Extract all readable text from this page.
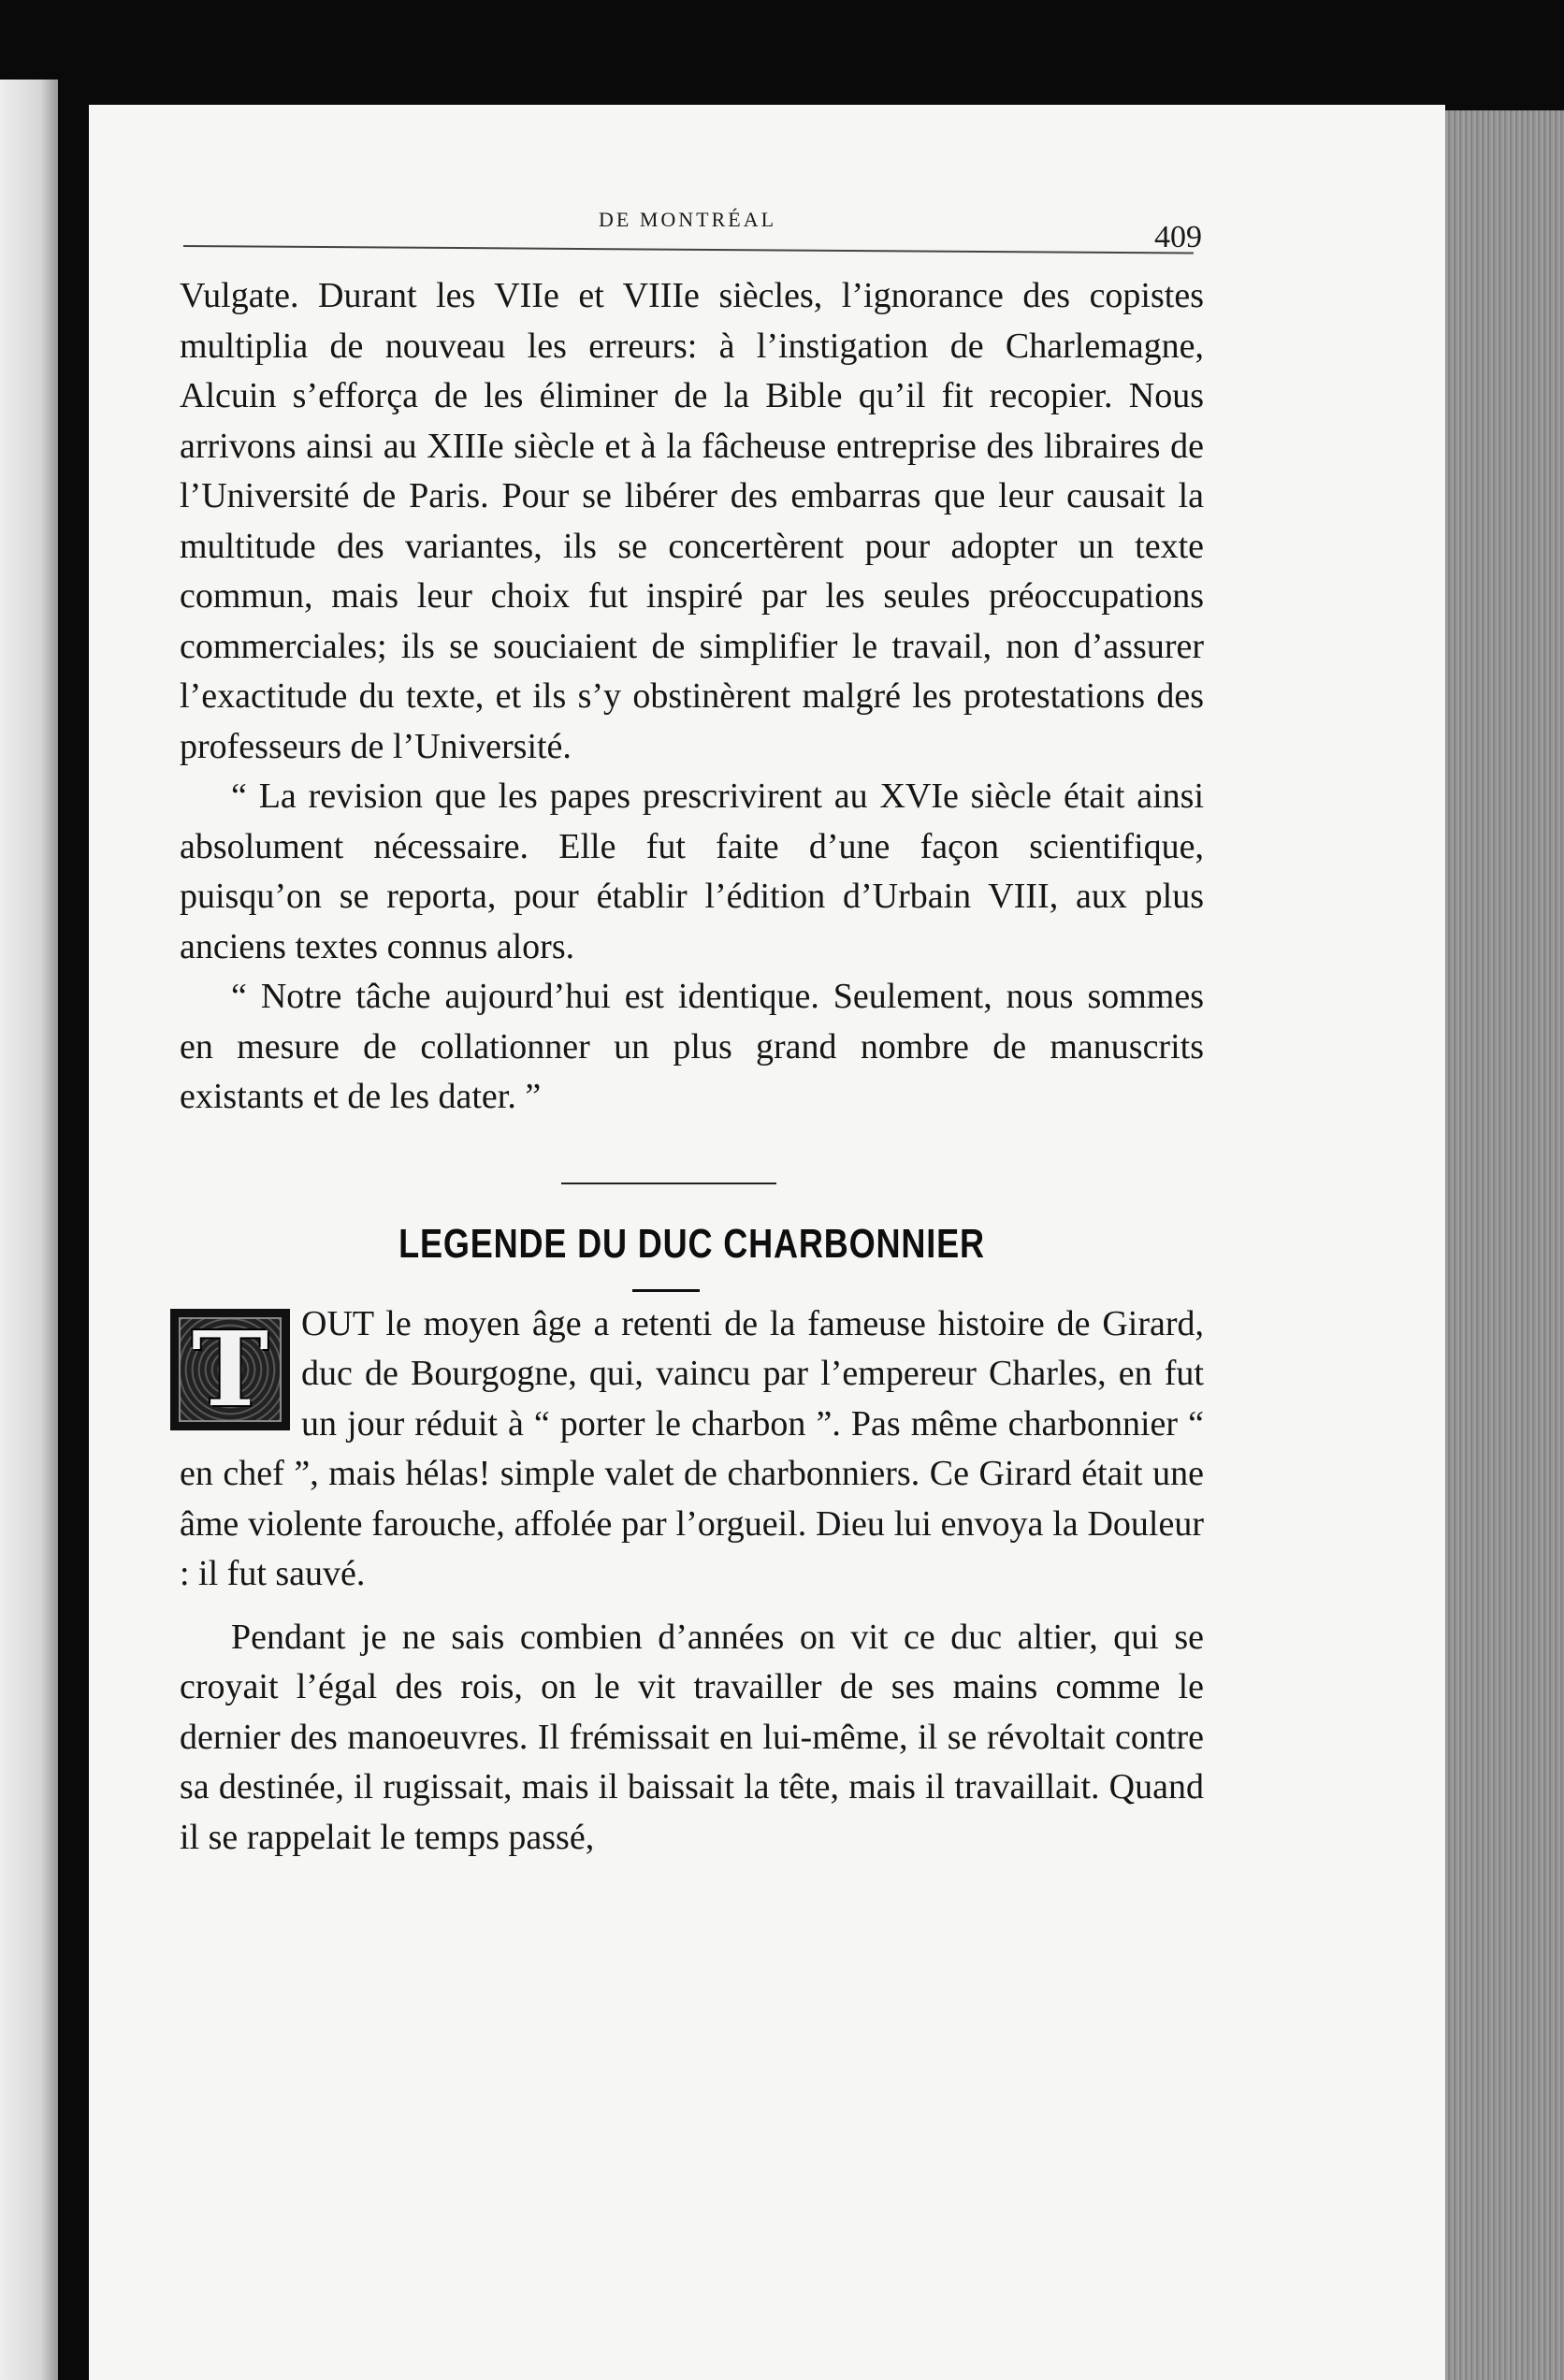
DE MONTRÉAL
409

Vulgate. Durant les VIIe et VIIIe siècles, l’ignorance des copistes multiplia de nouveau les erreurs: à l’instigation de Charlemagne, Alcuin s’efforça de les éliminer de la Bible qu’il fit recopier. Nous arrivons ainsi au XIIIe siècle et à la fâcheuse entreprise des libraires de l’Université de Paris. Pour se libérer des embarras que leur causait la multitude des variantes, ils se concertèrent pour adopter un texte commun, mais leur choix fut inspiré par les seules préoccupations commerciales; ils se souciaient de simplifier le travail, non d’assurer l’exactitude du texte, et ils s’y obstinèrent malgré les protestations des professeurs de l’Université.

“ La revision que les papes prescrivirent au XVIe siècle était ainsi absolument nécessaire. Elle fut faite d’une façon scientifique, puisqu’on se reporta, pour établir l’édition d’Urbain VIII, aux plus anciens textes connus alors.

“ Notre tâche aujourd’hui est identique. Seulement, nous sommes en mesure de collationner un plus grand nombre de manuscrits existants et de les dater. ”

LEGENDE DU DUC CHARBONNIER

T OUT le moyen âge a retenti de la fameuse histoire de Girard, duc de Bourgogne, qui, vaincu par l’empereur Charles, en fut un jour réduit à “ porter le charbon ”. Pas même charbonnier “ en chef ”, mais hélas! simple valet de charbonniers. Ce Girard était une âme violente farouche, affolée par l’orgueil. Dieu lui envoya la Douleur : il fut sauvé.

Pendant je ne sais combien d’années on vit ce duc altier, qui se croyait l’égal des rois, on le vit travailler de ses mains comme le dernier des manoeuvres. Il frémissait en lui-même, il se révoltait contre sa destinée, il rugissait, mais il baissait la tête, mais il travaillait. Quand il se rappelait le temps passé,
